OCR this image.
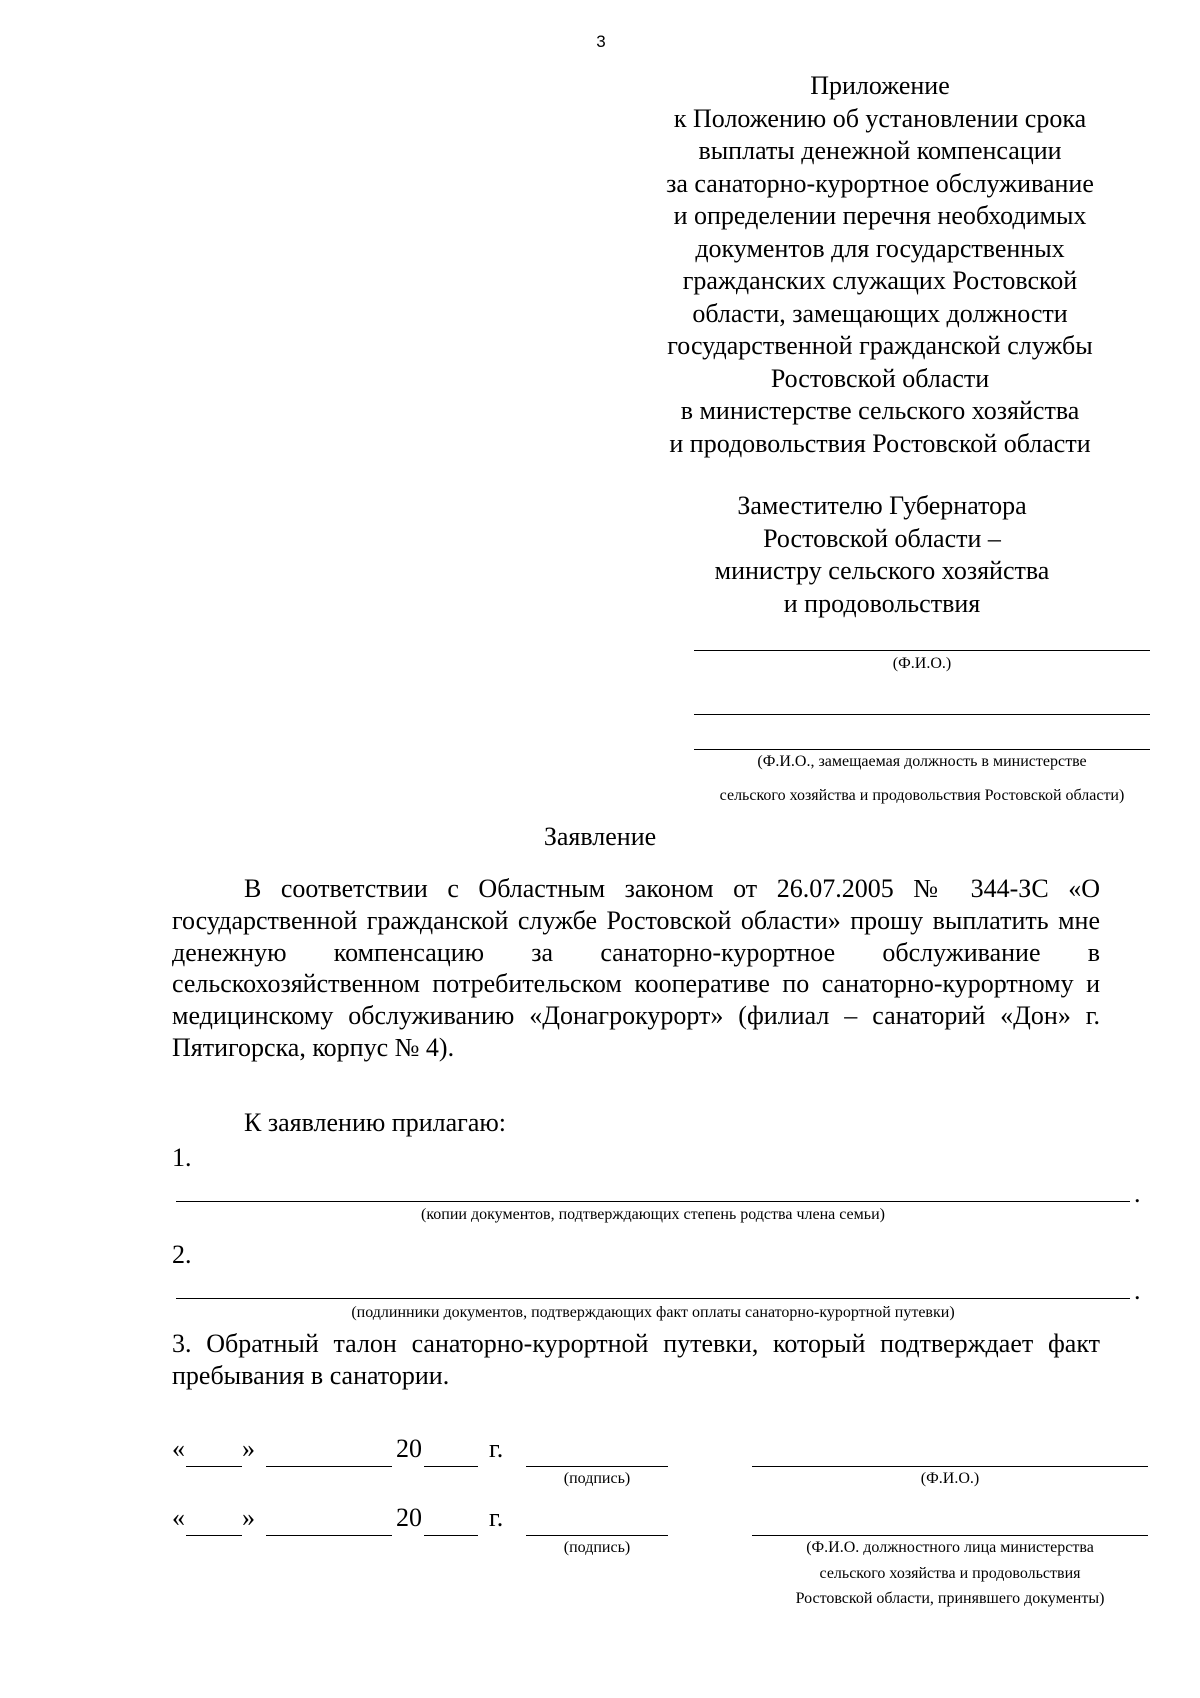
3
Приложение
к Положению об установлении срока
выплаты денежной компенсации
за санаторно-курортное обслуживание
и определении перечня необходимых
документов для государственных
гражданских служащих Ростовской
области, замещающих должности
государственной гражданской службы
Ростовской области
в министерстве сельского хозяйства
и продовольствия Ростовской области
Заместителю Губернатора
Ростовской области –
министру сельского хозяйства
и продовольствия
(Ф.И.О.)
(Ф.И.О., замещаемая должность в министерстве
сельского хозяйства и продовольствия Ростовской области)
Заявление
В соответствии с Областным законом от 26.07.2005 № 344-ЗС «О государственной гражданской службе Ростовской области» прошу выплатить мне денежную компенсацию за санаторно-курортное обслуживание в сельскохозяйственном потребительском кооперативе по санаторно-курортному и медицинскому обслуживанию «Донагрокурорт» (филиал – санаторий «Дон» г. Пятигорска, корпус № 4).
К заявлению прилагаю:
1.
.
(копии документов, подтверждающих степень родства члена семьи)
2.
.
(подлинники документов, подтверждающих факт оплаты санаторно-курортной путевки)
3. Обратный талон санаторно-курортной путевки, который подтверждает факт пребывания в санатории.
« »	20	г.
(подпись)	(Ф.И.О.)
« »	20	г.
(подпись)	(Ф.И.О. должностного лица министерства
сельского хозяйства и продовольствия
Ростовской области, принявшего документы)
